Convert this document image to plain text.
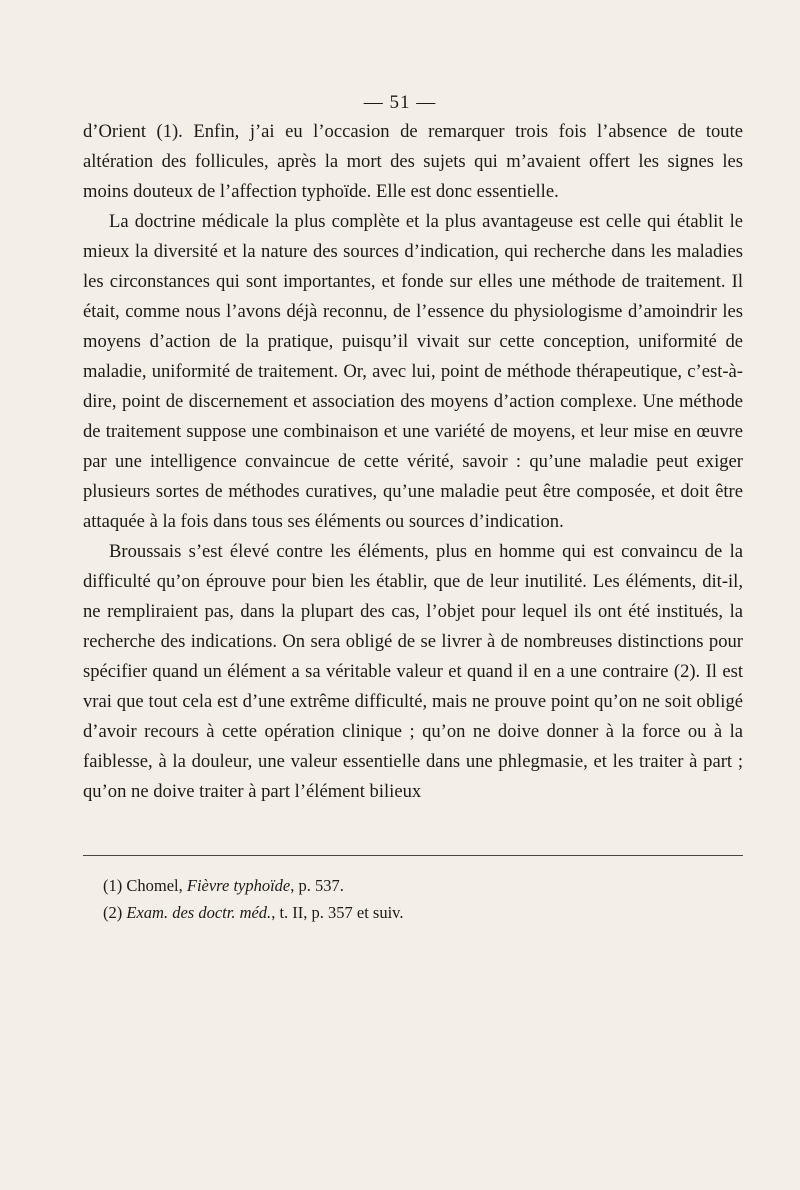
— 51 —

d’Orient (1). Enfin, j’ai eu l’occasion de remarquer trois fois l’absence de toute altération des follicules, après la mort des sujets qui m’avaient offert les signes les moins douteux de l’affection typhoïde. Elle est donc essentielle.

La doctrine médicale la plus complète et la plus avantageuse est celle qui établit le mieux la diversité et la nature des sources d’indication, qui recherche dans les maladies les circonstances qui sont importantes, et fonde sur elles une méthode de traitement. Il était, comme nous l’avons déjà reconnu, de l’essence du physiologisme d’amoindrir les moyens d’action de la pratique, puisqu’il vivait sur cette conception, uniformité de maladie, uniformité de traitement. Or, avec lui, point de méthode thérapeutique, c’est-à-dire, point de discernement et association des moyens d’action complexe. Une méthode de traitement suppose une combinaison et une variété de moyens, et leur mise en œuvre par une intelligence convaincue de cette vérité, savoir : qu’une maladie peut exiger plusieurs sortes de méthodes curatives, qu’une maladie peut être composée, et doit être attaquée à la fois dans tous ses éléments ou sources d’indication.

Broussais s’est élevé contre les éléments, plus en homme qui est convaincu de la difficulté qu’on éprouve pour bien les établir, que de leur inutilité. Les éléments, dit-il, ne rempliraient pas, dans la plupart des cas, l’objet pour lequel ils ont été institués, la recherche des indications. On sera obligé de se livrer à de nombreuses distinctions pour spécifier quand un élément a sa véritable valeur et quand il en a une contraire (2). Il est vrai que tout cela est d’une extrême difficulté, mais ne prouve point qu’on ne soit obligé d’avoir recours à cette opération clinique ; qu’on ne doive donner à la force ou à la faiblesse, à la douleur, une valeur essentielle dans une phlegmasie, et les traiter à part ; qu’on ne doive traiter à part l’élément bilieux

(1) Chomel, Fièvre typhoïde, p. 537.
(2) Exam. des doctr. méd., t. II, p. 357 et suiv.
